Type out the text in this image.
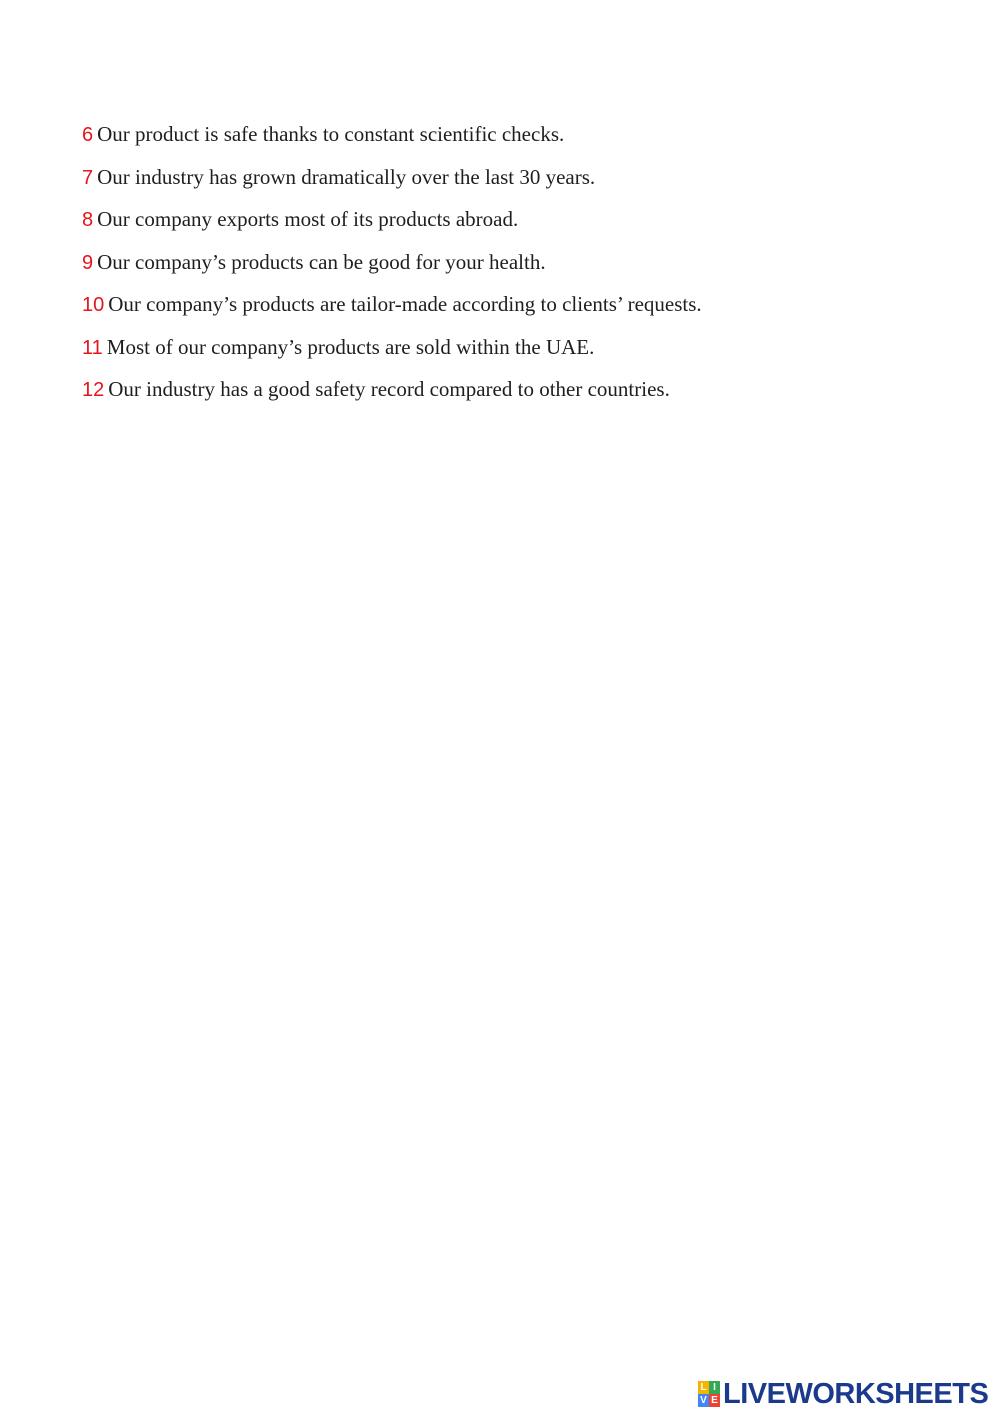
6 Our product is safe thanks to constant scientific checks.
7 Our industry has grown dramatically over the last 30 years.
8 Our company exports most of its products abroad.
9 Our company’s products can be good for your health.
10 Our company’s products are tailor-made according to clients’ requests.
11 Most of our company’s products are sold within the UAE.
12 Our industry has a good safety record compared to other countries.
L I
V E LIVEWORKSHEETS
